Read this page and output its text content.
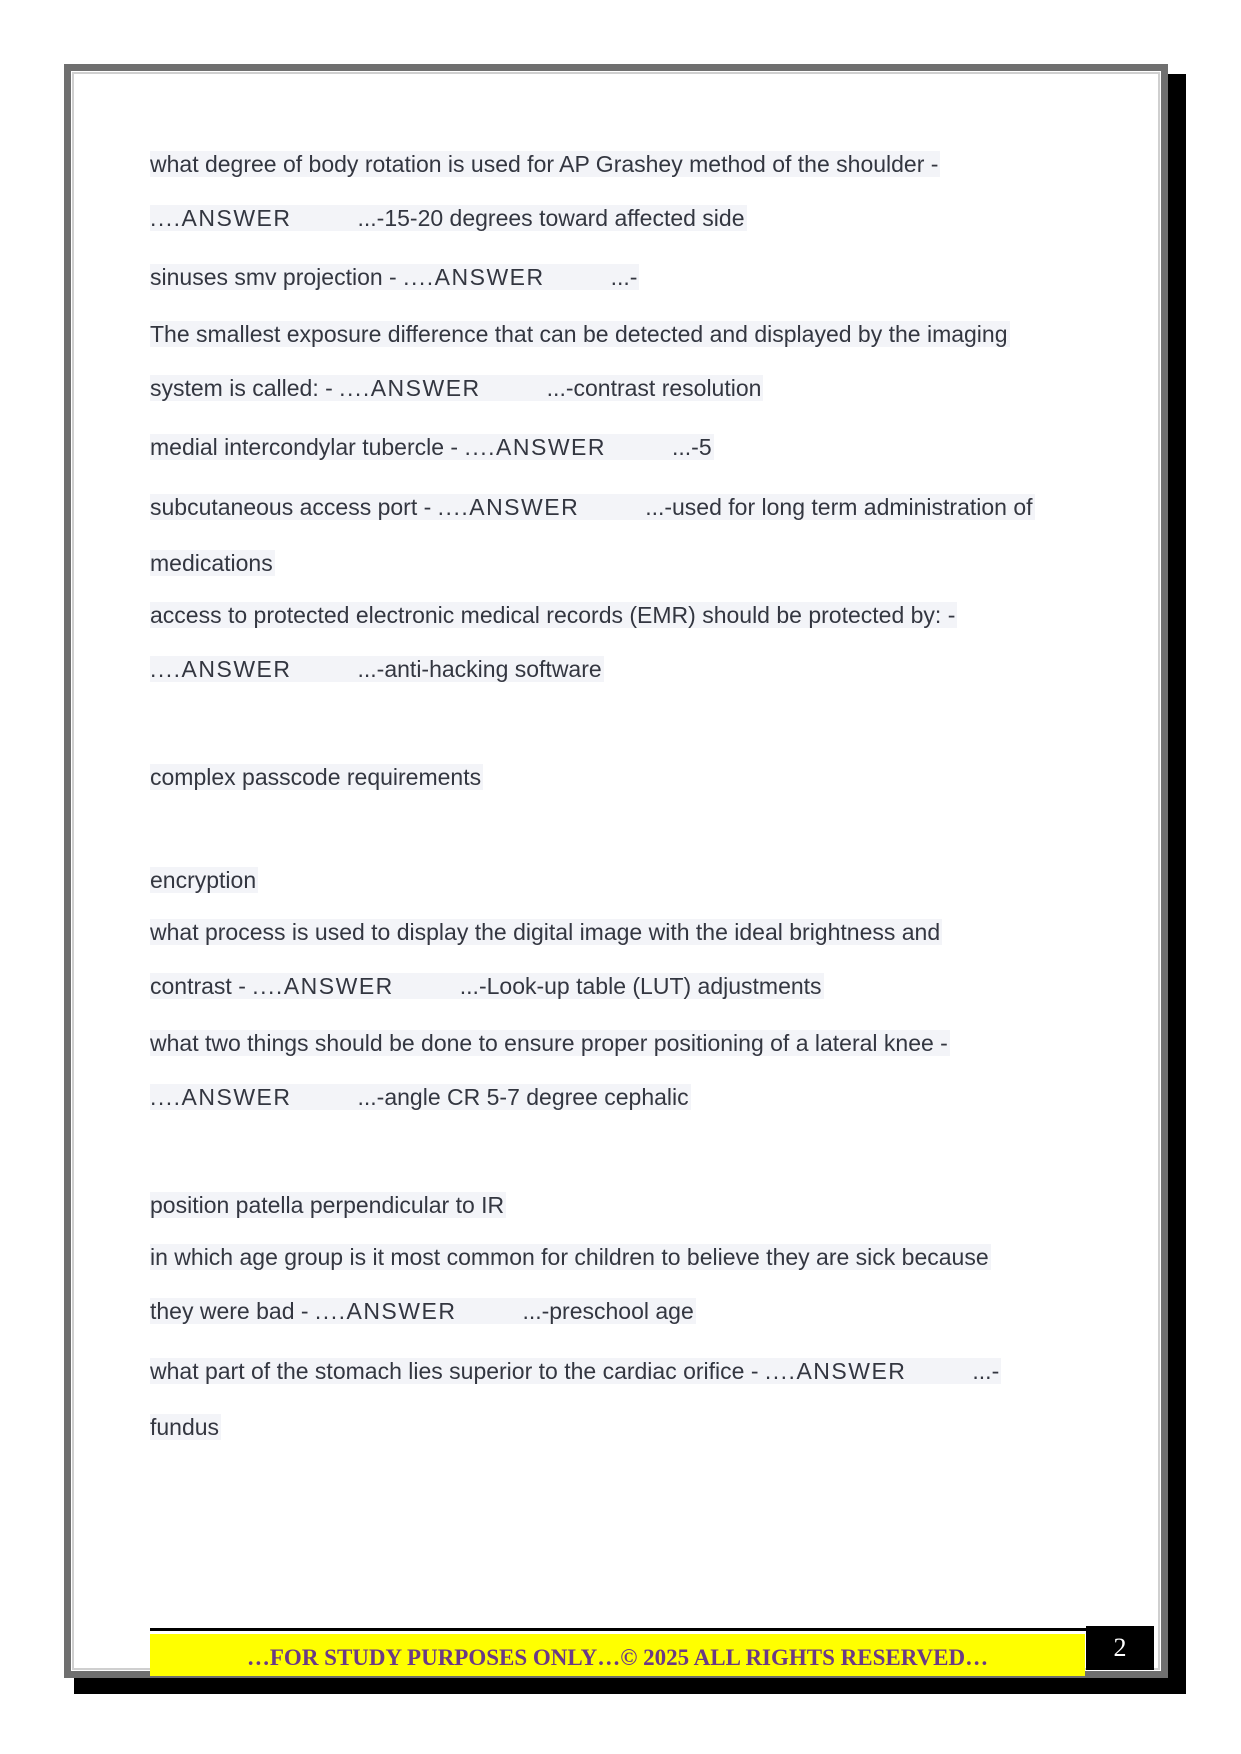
what degree of body rotation is used for AP Grashey method of the shoulder -
....ANSWER	...-15-20 degrees toward affected side
sinuses smv projection - ....ANSWER	...-
The smallest exposure difference that can be detected and displayed by the imaging
system is called: - ....ANSWER	...-contrast resolution
medial intercondylar tubercle - ....ANSWER	...-5
subcutaneous access port - ....ANSWER	...-used for long term administration of
medications
access to protected electronic medical records (EMR) should be protected by: -
....ANSWER	...-anti-hacking software
complex passcode requirements
encryption
what process is used to display the digital image with the ideal brightness and
contrast - ....ANSWER	...-Look-up table (LUT) adjustments
what two things should be done to ensure proper positioning of a lateral knee -
....ANSWER	...-angle CR 5-7 degree cephalic
position patella perpendicular to IR
in which age group is it most common for children to believe they are sick because
they were bad - ....ANSWER	...-preschool age
what part of the stomach lies superior to the cardiac orifice - ....ANSWER	...-
fundus
…FOR STUDY PURPOSES ONLY…© 2025 ALL RIGHTS RESERVED…	2
